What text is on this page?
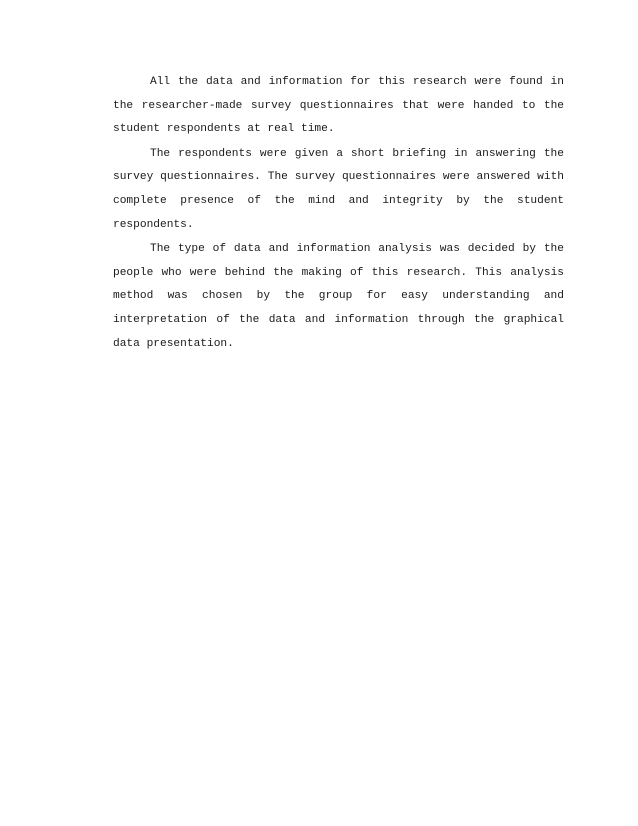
All the data and information for this research were found in the researcher-made survey questionnaires that were handed to the student respondents at real time.

The respondents were given a short briefing in answering the survey questionnaires. The survey questionnaires were answered with complete presence of the mind and integrity by the student respondents.

The type of data and information analysis was decided by the people who were behind the making of this research. This analysis method was chosen by the group for easy understanding and interpretation of the data and information through the graphical data presentation.
